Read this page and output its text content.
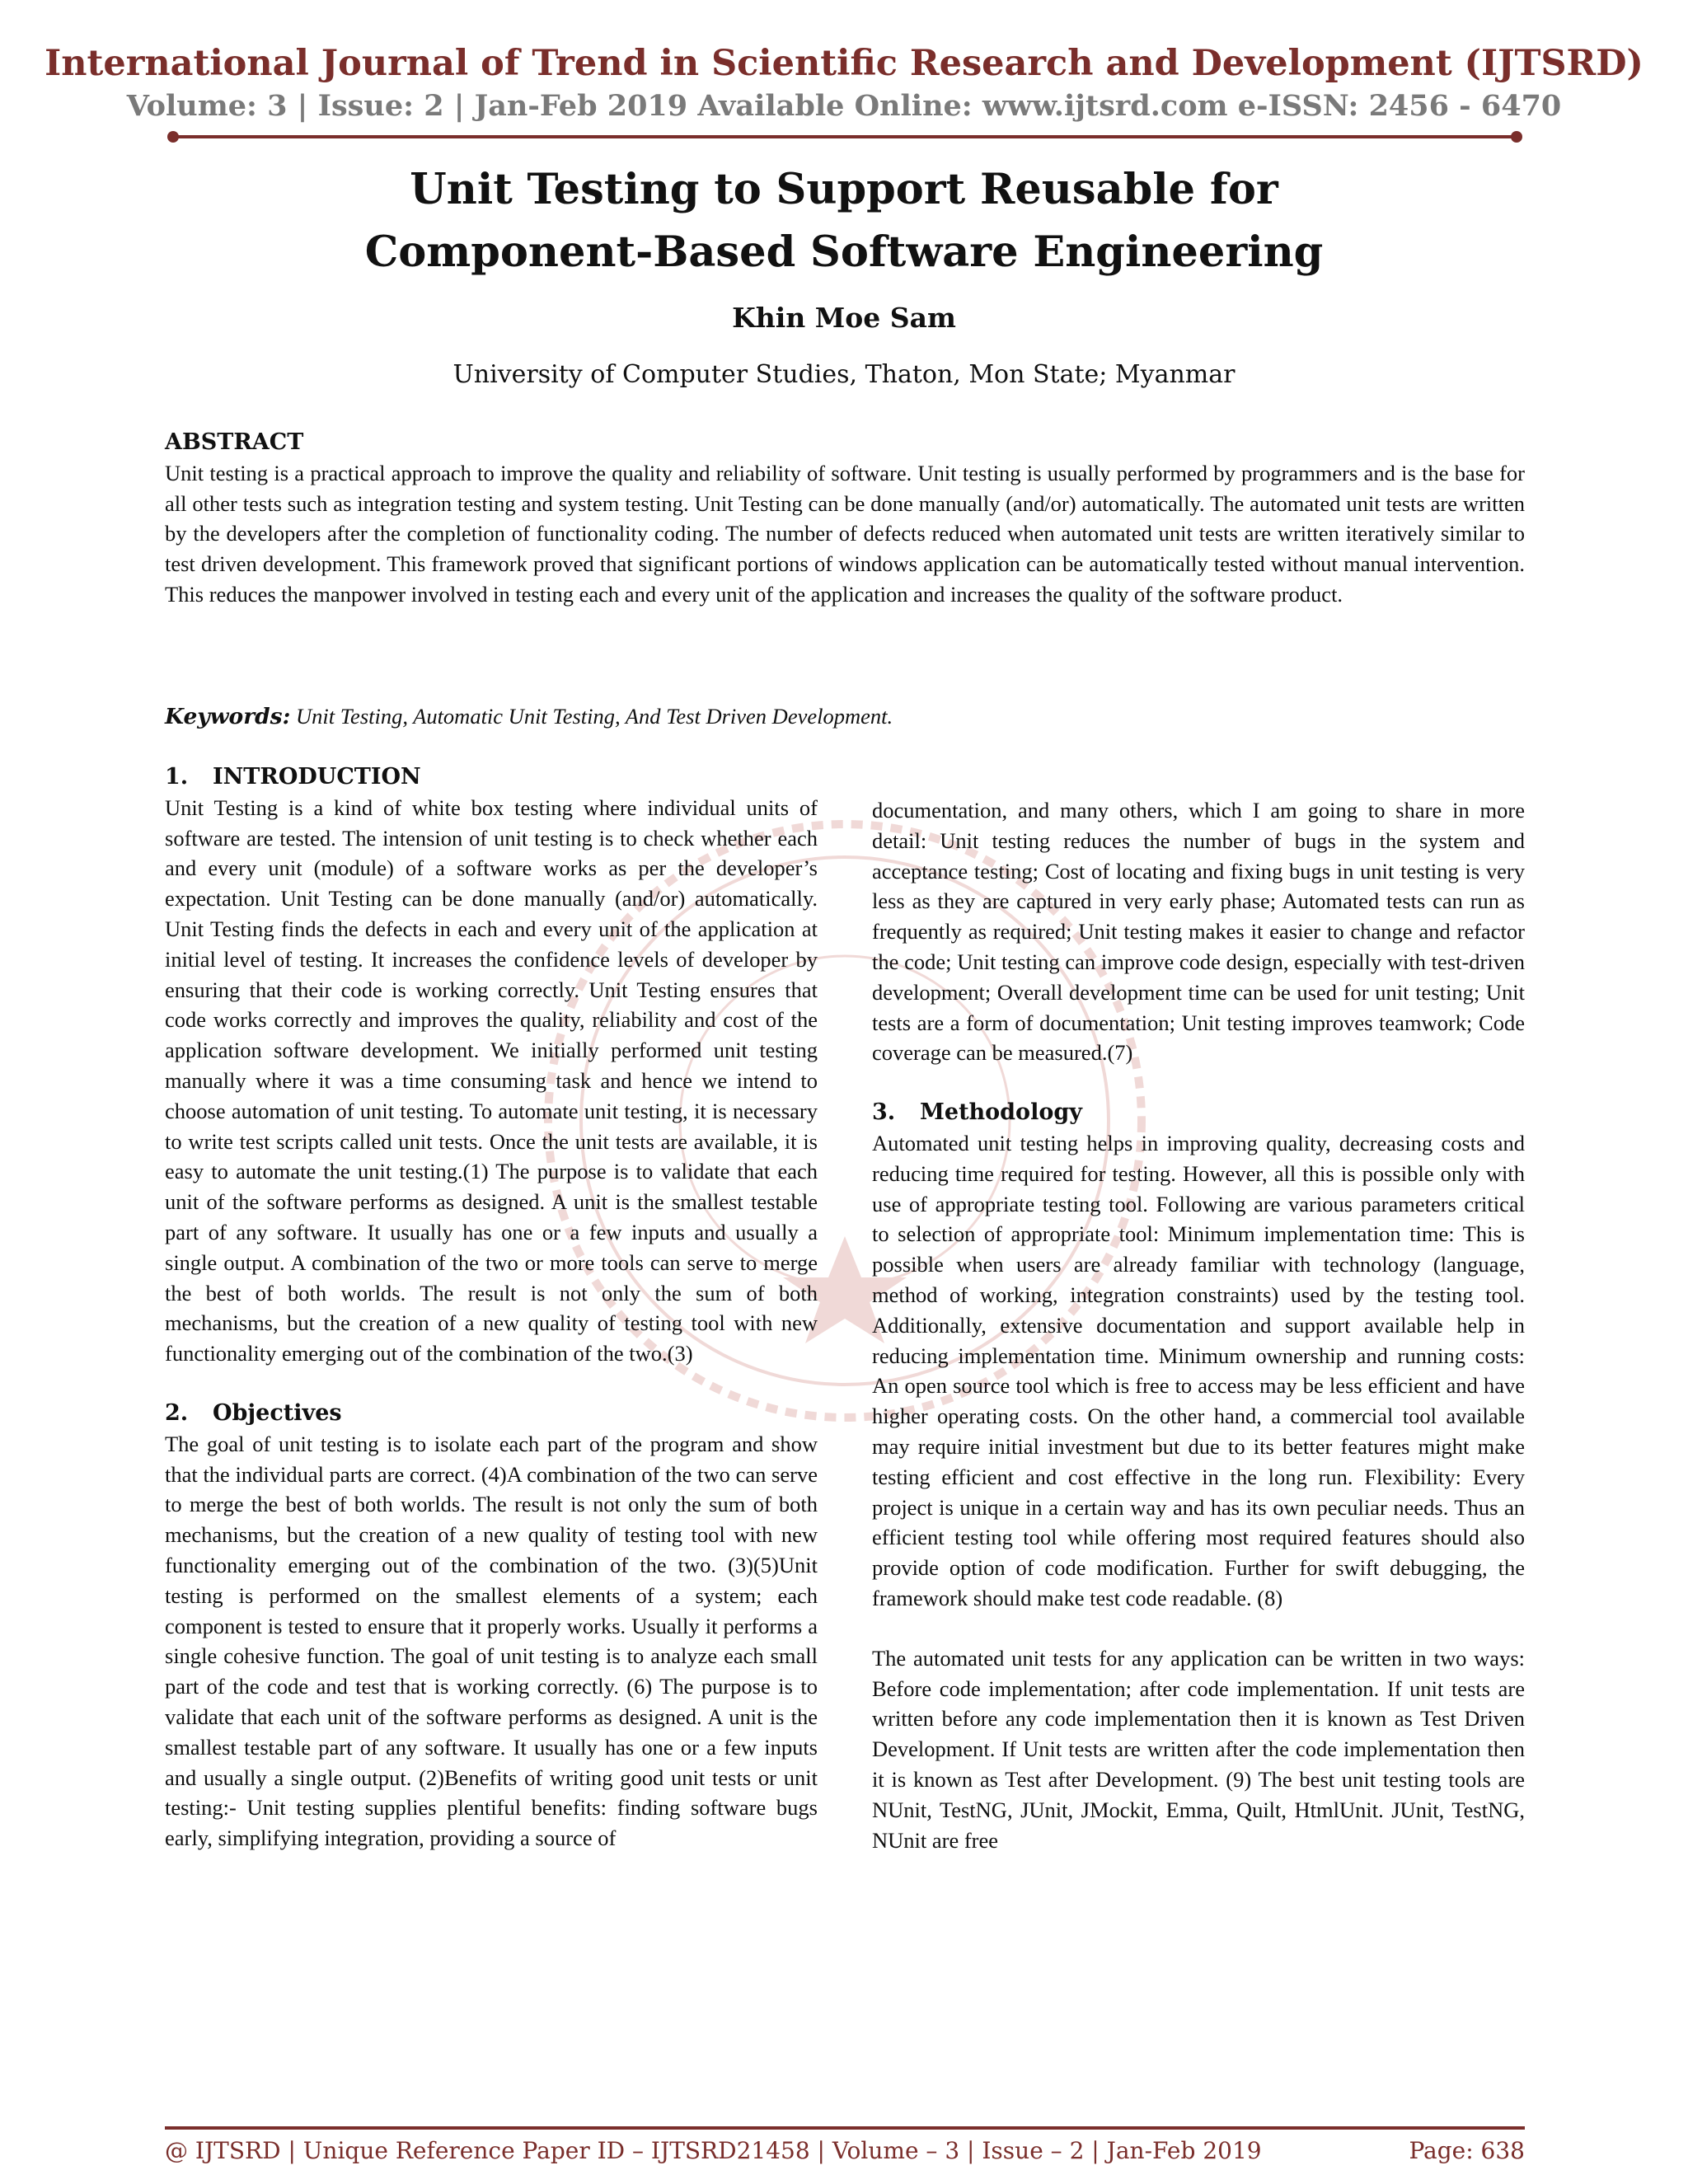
International Journal of Trend in Scientific Research and Development (IJTSRD)
Volume: 3 | Issue: 2 | Jan-Feb 2019 Available Online: www.ijtsrd.com e-ISSN: 2456 - 6470
Unit Testing to Support Reusable for
Component-Based Software Engineering
Khin Moe Sam
University of Computer Studies, Thaton, Mon State; Myanmar
ABSTRACT

Unit testing is a practical approach to improve the quality and reliability of software. Unit testing is usually performed by programmers and is the base for all other tests such as integration testing and system testing. Unit Testing can be done manually (and/or) automatically. The automated unit tests are written by the developers after the completion of functionality coding. The number of defects reduced when automated unit tests are written iteratively similar to test driven development. This framework proved that significant portions of windows application can be automatically tested without manual intervention. This reduces the manpower involved in testing each and every unit of the application and increases the quality of the software product.

Keywords: Unit Testing, Automatic Unit Testing, And Test Driven Development.
1. INTRODUCTION

Unit Testing is a kind of white box testing where individual units of software are tested. The intension of unit testing is to check whether each and every unit (module) of a software works as per the developer’s expectation. Unit Testing can be done manually (and/or) automatically. Unit Testing finds the defects in each and every unit of the application at initial level of testing. It increases the confidence levels of developer by ensuring that their code is working correctly. Unit Testing ensures that code works correctly and improves the quality, reliability and cost of the application software development. We initially performed unit testing manually where it was a time consuming task and hence we intend to choose automation of unit testing. To automate unit testing, it is necessary to write test scripts called unit tests. Once the unit tests are available, it is easy to automate the unit testing.(1) The purpose is to validate that each unit of the software performs as designed. A unit is the smallest testable part of any software. It usually has one or a few inputs and usually a single output. A combination of the two or more tools can serve to merge the best of both worlds. The result is not only the sum of both mechanisms, but the creation of a new quality of testing tool with new functionality emerging out of the combination of the two.(3)

2. Objectives

The goal of unit testing is to isolate each part of the program and show that the individual parts are correct. (4)A combination of the two can serve to merge the best of both worlds. The result is not only the sum of both mechanisms, but the creation of a new quality of testing tool with new functionality emerging out of the combination of the two. (3)(5)Unit testing is performed on the smallest elements of a system; each component is tested to ensure that it properly works. Usually it performs a single cohesive function. The goal of unit testing is to analyze each small part of the code and test that is working correctly. (6) The purpose is to validate that each unit of the software performs as designed. A unit is the smallest testable part of any software. It usually has one or a few inputs and usually a single output. (2)Benefits of writing good unit tests or unit testing:- Unit testing supplies plentiful benefits: finding software bugs early, simplifying integration, providing a source of

documentation, and many others, which I am going to share in more detail: Unit testing reduces the number of bugs in the system and acceptance testing; Cost of locating and fixing bugs in unit testing is very less as they are captured in very early phase; Automated tests can run as frequently as required; Unit testing makes it easier to change and refactor the code; Unit testing can improve code design, especially with test-driven development; Overall development time can be used for unit testing; Unit tests are a form of documentation; Unit testing improves teamwork; Code coverage can be measured.(7)

3. Methodology

Automated unit testing helps in improving quality, decreasing costs and reducing time required for testing. However, all this is possible only with use of appropriate testing tool. Following are various parameters critical to selection of appropriate tool: Minimum implementation time: This is possible when users are already familiar with technology (language, method of working, integration constraints) used by the testing tool. Additionally, extensive documentation and support available help in reducing implementation time. Minimum ownership and running costs: An open source tool which is free to access may be less efficient and have higher operating costs. On the other hand, a commercial tool available may require initial investment but due to its better features might make testing efficient and cost effective in the long run. Flexibility: Every project is unique in a certain way and has its own peculiar needs. Thus an efficient testing tool while offering most required features should also provide option of code modification. Further for swift debugging, the framework should make test code readable. (8)

The automated unit tests for any application can be written in two ways: Before code implementation; after code implementation. If unit tests are written before any code implementation then it is known as Test Driven Development. If Unit tests are written after the code implementation then it is known as Test after Development. (9) The best unit testing tools are NUnit, TestNG, JUnit, JMockit, Emma, Quilt, HtmlUnit. JUnit, TestNG, NUnit are free

@ IJTSRD | Unique Reference Paper ID – IJTSRD21458 | Volume – 3 | Issue – 2 | Jan-Feb 2019	Page: 638
